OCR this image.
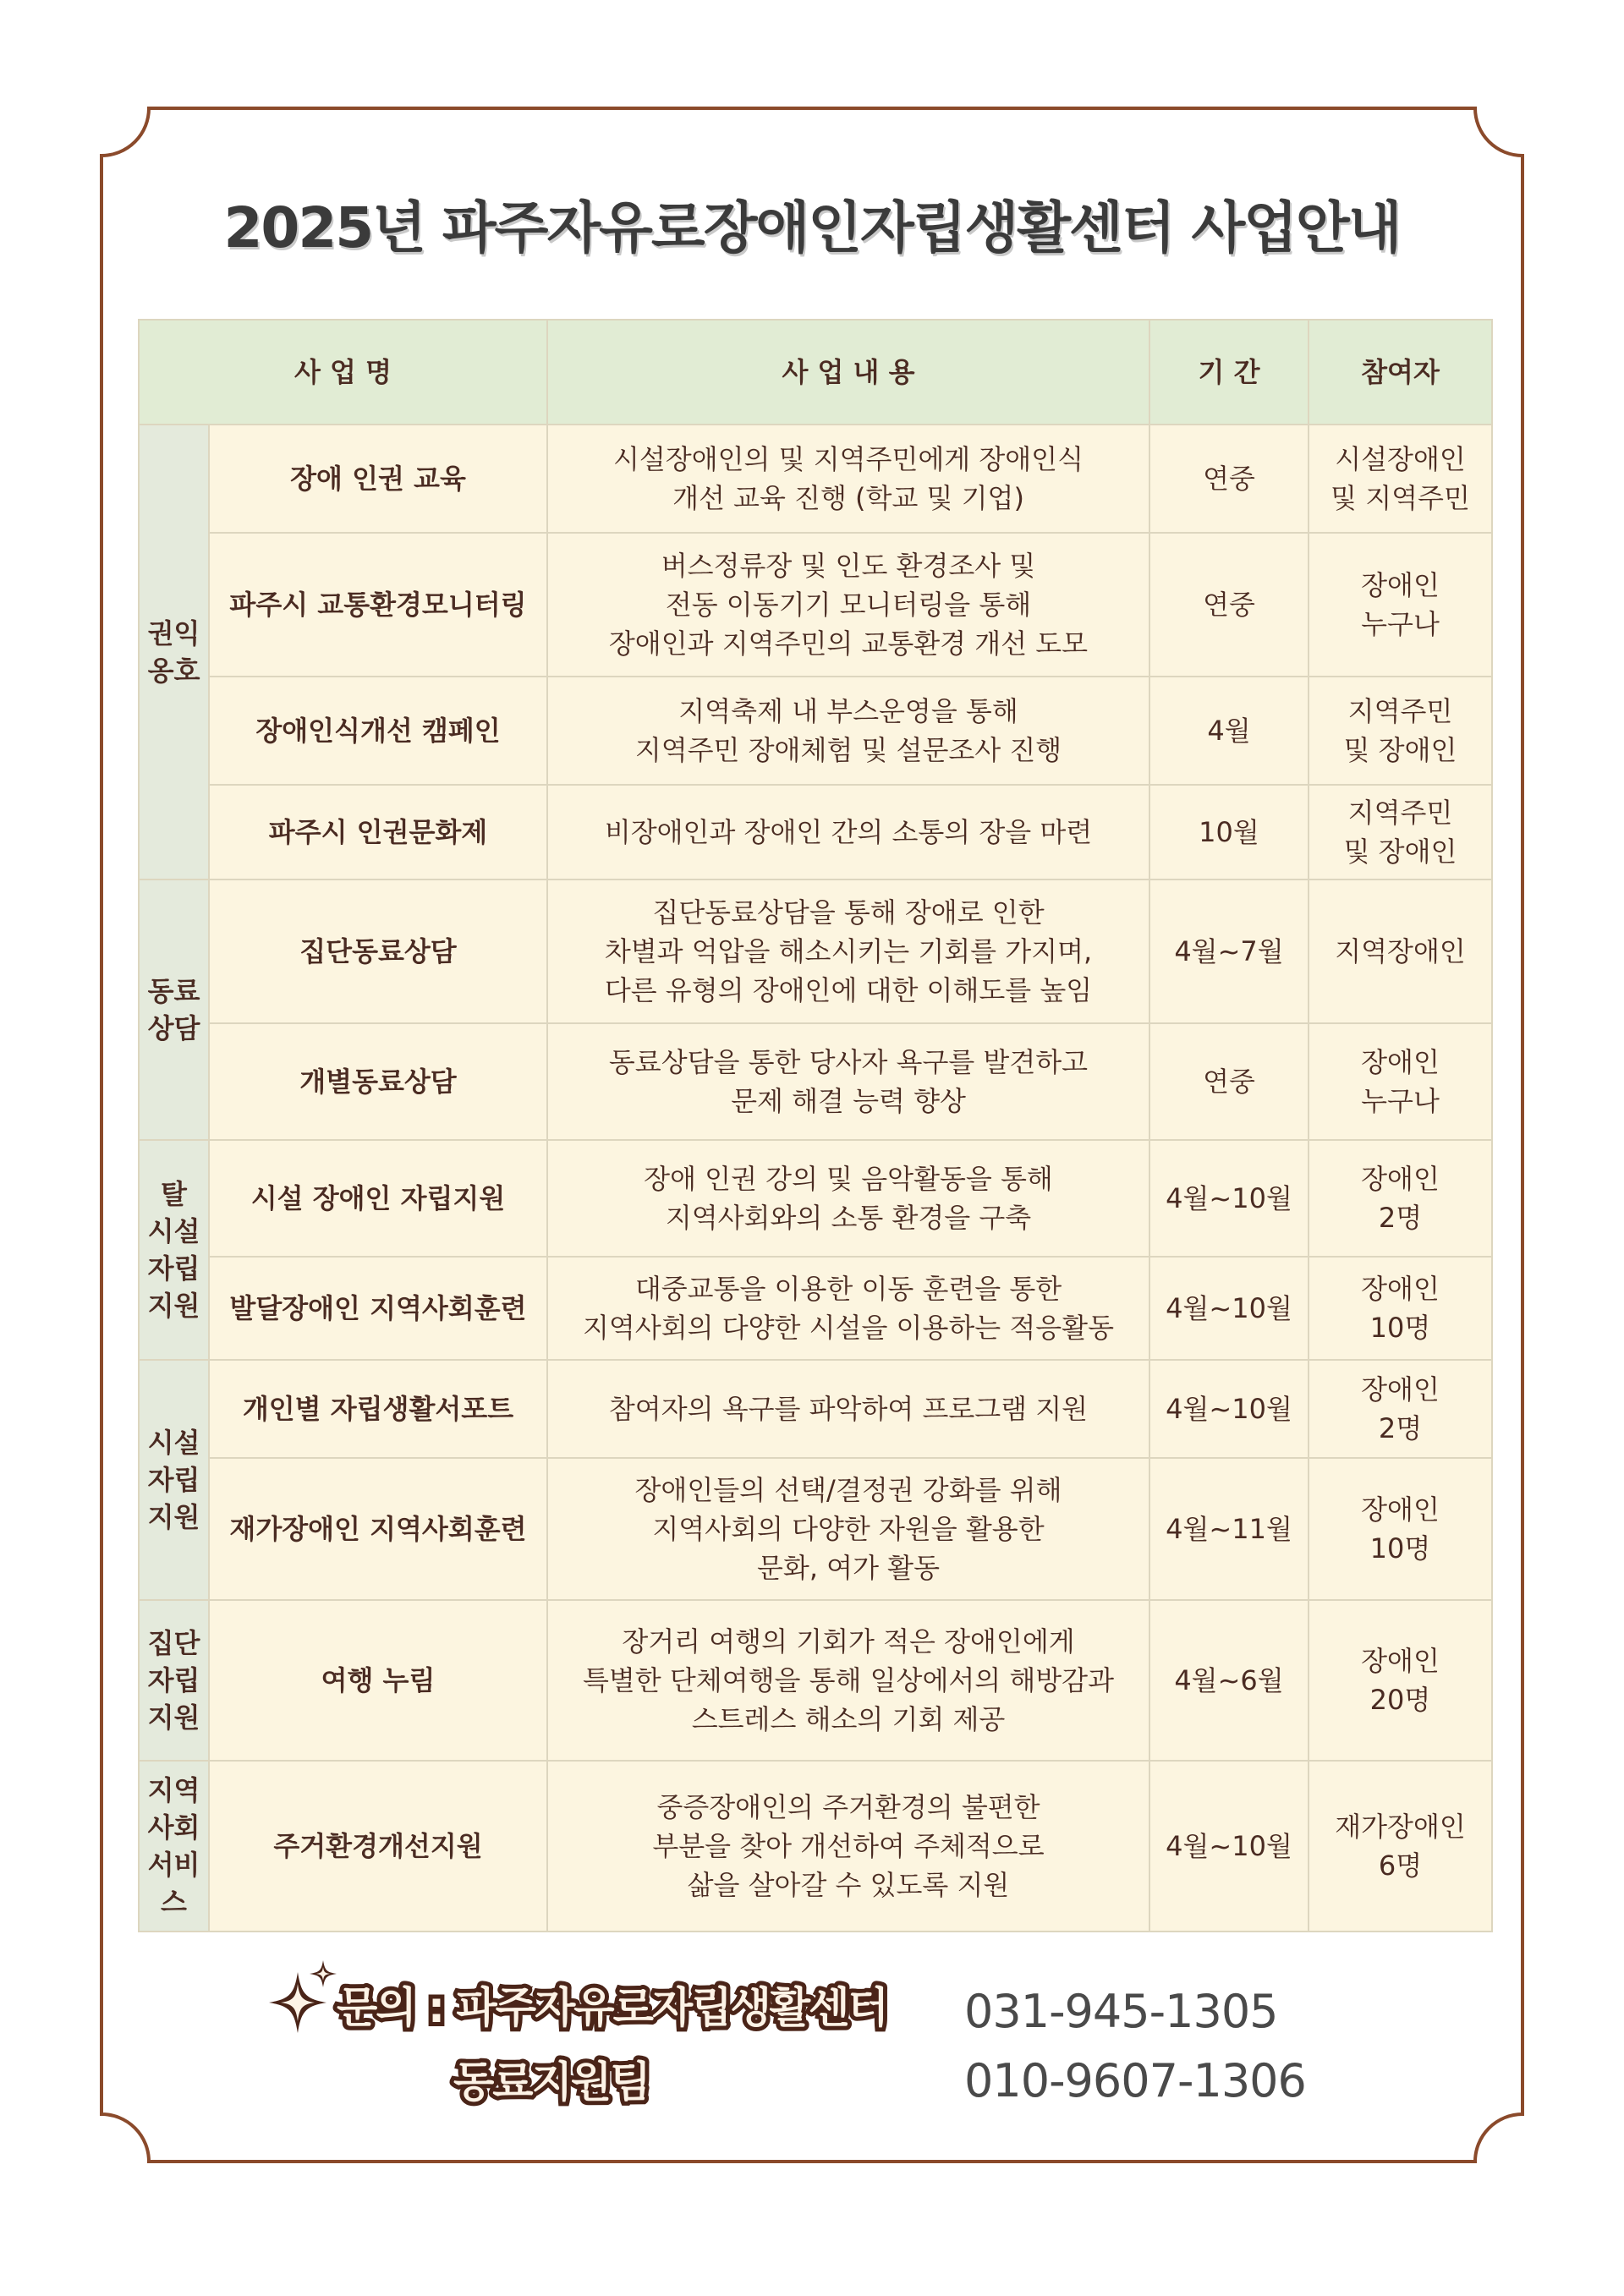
2025년 파주자유로장애인자립생활센터 사업안내
사 업 명		사 업 내 용	기 간	참여자
권익
옹호	장애 인권 교육	시설장애인의 및 지역주민에게 장애인식
개선 교육 진행 (학교 및 기업)	연중	시설장애인
및 지역주민
	파주시 교통환경모니터링	버스정류장 및 인도 환경조사 및
전동 이동기기 모니터링을 통해
장애인과 지역주민의 교통환경 개선 도모	연중	장애인
누구나
	장애인식개선 캠페인	지역축제 내 부스운영을 통해
지역주민 장애체험 및 설문조사 진행	4월	지역주민
및 장애인
	파주시 인권문화제	비장애인과 장애인 간의 소통의 장을 마련	10월	지역주민
및 장애인
동료
상담	집단동료상담	집단동료상담을 통해 장애로 인한
차별과 억압을 해소시키는 기회를 가지며,
다른 유형의 장애인에 대한 이해도를 높임	4월~7월	지역장애인
	개별동료상담	동료상담을 통한 당사자 욕구를 발견하고
문제 해결 능력 향상	연중	장애인
누구나
탈
시설
자립
지원	시설 장애인 자립지원	장애 인권 강의 및 음악활동을 통해
지역사회와의 소통 환경을 구축	4월~10월	장애인
2명
	발달장애인 지역사회훈련	대중교통을 이용한 이동 훈련을 통한
지역사회의 다양한 시설을 이용하는 적응활동	4월~10월	장애인
10명
시설
자립
지원	개인별 자립생활서포트	참여자의 욕구를 파악하여 프로그램 지원	4월~10월	장애인
2명
	재가장애인 지역사회훈련	장애인들의 선택/결정권 강화를 위해
지역사회의 다양한 자원을 활용한
문화, 여가 활동	4월~11월	장애인
10명
집단
자립
지원	여행 누림	장거리 여행의 기회가 적은 장애인에게
특별한 단체여행을 통해 일상에서의 해방감과
스트레스 해소의 기회 제공	4월~6월	장애인
20명
지역
사회
서비
스	주거환경개선지원	중증장애인의 주거환경의 불편한
부분을 찾아 개선하여 주체적으로
삶을 살아갈 수 있도록 지원	4월~10월	재가장애인
6명
문의 : 파주자유로자립생활센터
동료지원팀
031-945-1305
010-9607-1306
